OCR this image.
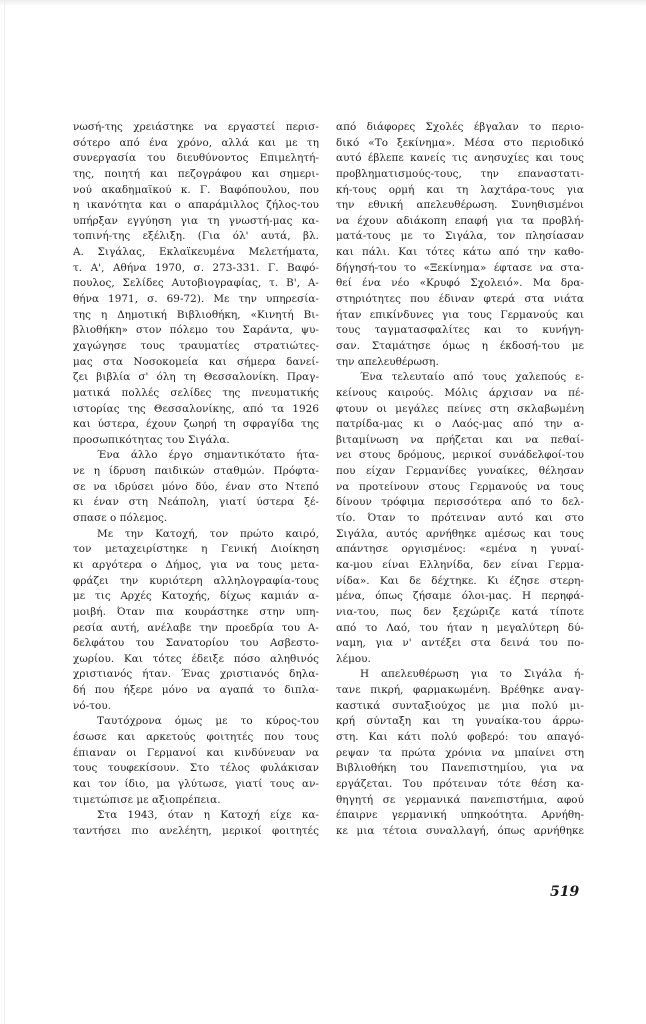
νωσή-της χρειάστηκε να εργαστεί περισ-
σότερο από ένα χρόνο, αλλά και με τη
συνεργασία του διευθύνοντος Επιμελητή-
της, ποιητή και πεζογράφου και σημερι-
νού ακαδημαϊκού κ. Γ. Βαφόπουλου, που
η ικανότητα και ο απαράμιλλος ζήλος-του
υπήρξαν εγγύηση για τη γνωστή-μας κα-
τοπινή-της εξέλιξη. (Για όλ' αυτά, βλ.
Α. Σιγάλας, Εκλαϊκευμένα Μελετήματα,
τ. Α', Αθήνα 1970, σ. 273-331. Γ. Βαφό-
πουλος, Σελίδες Αυτοβιογραφίας, τ. Β', Α-
θήνα 1971, σ. 69-72). Με την υπηρεσία-
της η Δημοτική Βιβλιοθήκη, «Κινητή Βι-
βλιοθήκη» στον πόλεμο του Σαράντα, ψυ-
χαγώγησε τους τραυματίες στρατιώτες-
μας στα Νοσοκομεία και σήμερα δανεί-
ζει βιβλία σ' όλη τη Θεσσαλονίκη. Πραγ-
ματικά πολλές σελίδες της πνευματικής
ιστορίας της Θεσσαλονίκης, από τα 1926
και ύστερα, έχουν ζωηρή τη σφραγίδα της
προσωπικότητας του Σιγάλα.
Ένα άλλο έργο σημαντικότατο ήτα-
νε η ίδρυση παιδικών σταθμών. Πρόφτα-
σε να ιδρύσει μόνο δύο, έναν στο Ντεπό
κι έναν στη Νεάπολη, γιατί ύστερα ξέ-
σπασε ο πόλεμος.
Με την Κατοχή, τον πρώτο καιρό,
τον μεταχειρίστηκε η Γενική Διοίκηση
κι αργότερα ο Δήμος, για να τους μετα-
φράζει την κυριότερη αλληλογραφία-τους
με τις Αρχές Κατοχής, δίχως καμιάν α-
μοιβή. Όταν πια κουράστηκε στην υπη-
ρεσία αυτή, ανέλαβε την προεδρία του Α-
δελφάτου του Σανατορίου του Ασβεστο-
χωρίου. Και τότες έδειξε πόσο αληθινός
χριστιανός ήταν. Ένας χριστιανός δηλα-
δή που ήξερε μόνο να αγαπά το διπλα-
νό-του.
Ταυτόχρονα όμως με το κύρος-του
έσωσε και αρκετούς φοιτητές που τους
έπιαναν οι Γερμανοί και κινδύνευαν να
τους τουφεκίσουν. Στο τέλος φυλάκισαν
και τον ίδιο, μα γλύτωσε, γιατί τους αν-
τιμετώπισε με αξιοπρέπεια.
Στα 1943, όταν η Κατοχή είχε κα-
ταντήσει πιο ανελέητη, μερικοί φοιτητές
από διάφορες Σχολές έβγαλαν το περιο-
δικό «Το ξεκίνημα». Μέσα στο περιοδικό
αυτό έβλεπε κανείς τις ανησυχίες και τους
προβληματισμούς-τους, την επαναστατι-
κή-τους ορμή και τη λαχτάρα-τους για
την εθνική απελευθέρωση. Συνηθισμένοι
να έχουν αδιάκοπη επαφή για τα προβλή-
ματά-τους με το Σιγάλα, τον πλησίασαν
και πάλι. Και τότες κάτω από την καθο-
δήγησή-του το «Ξεκίνημα» έφτασε να στα-
θεί ένα νέο «Κρυφό Σχολειό». Μα δρα-
στηριότητες που έδιναν φτερά στα νιάτα
ήταν επικίνδυνες για τους Γερμανούς και
τους ταγματασφαλίτες και το κυνήγη-
σαν. Σταμάτησε όμως η έκδοσή-του με
την απελευθέρωση.
Ένα τελευταίο από τους χαλεπούς ε-
κείνους καιρούς. Μόλις άρχισαν να πέ-
φτουν οι μεγάλες πείνες στη σκλαβωμένη
πατρίδα-μας κι ο Λαός-μας από την α-
βιταμίνωση να πρήζεται και να πεθαί-
νει στους δρόμους, μερικοί συνάδελφοί-του
που είχαν Γερμανίδες γυναίκες, θέλησαν
να προτείνουν στους Γερμανούς να τους
δίνουν τρόφιμα περισσότερα από το δελ-
τίο. Όταν το πρότειναν αυτό και στο
Σιγάλα, αυτός αρνήθηκε αμέσως και τους
απάντησε οργισμένος: «εμένα η γυναί-
κα-μου είναι Ελληνίδα, δεν είναι Γερμα-
νίδα». Και δε δέχτηκε. Κι έζησε στερη-
μένα, όπως ζήσαμε όλοι-μας. Η περηφά-
νια-του, πως δεν ξεχώριζε κατά τίποτε
από το Λαό, του ήταν η μεγαλύτερη δύ-
ναμη, για ν' αντέξει στα δεινά του πο-
λέμου.
Η απελευθέρωση για το Σιγάλα ή-
τανε πικρή, φαρμακωμένη. Βρέθηκε αναγ-
καστικά συνταξιούχος με μια πολύ μι-
κρή σύνταξη και τη γυναίκα-του άρρω-
στη. Και κάτι πολύ φοβερό: του απαγό-
ρεψαν τα πρώτα χρόνια να μπαίνει στη
Βιβλιοθήκη του Πανεπιστημίου, για να
εργάζεται. Του πρότειναν τότε θέση κα-
θηγητή σε γερμανικά πανεπιστήμια, αφού
έπαιρνε γερμανική υπηκοότητα. Αρνήθη-
κε μια τέτοια συναλλαγή, όπως αρνήθηκε
519
